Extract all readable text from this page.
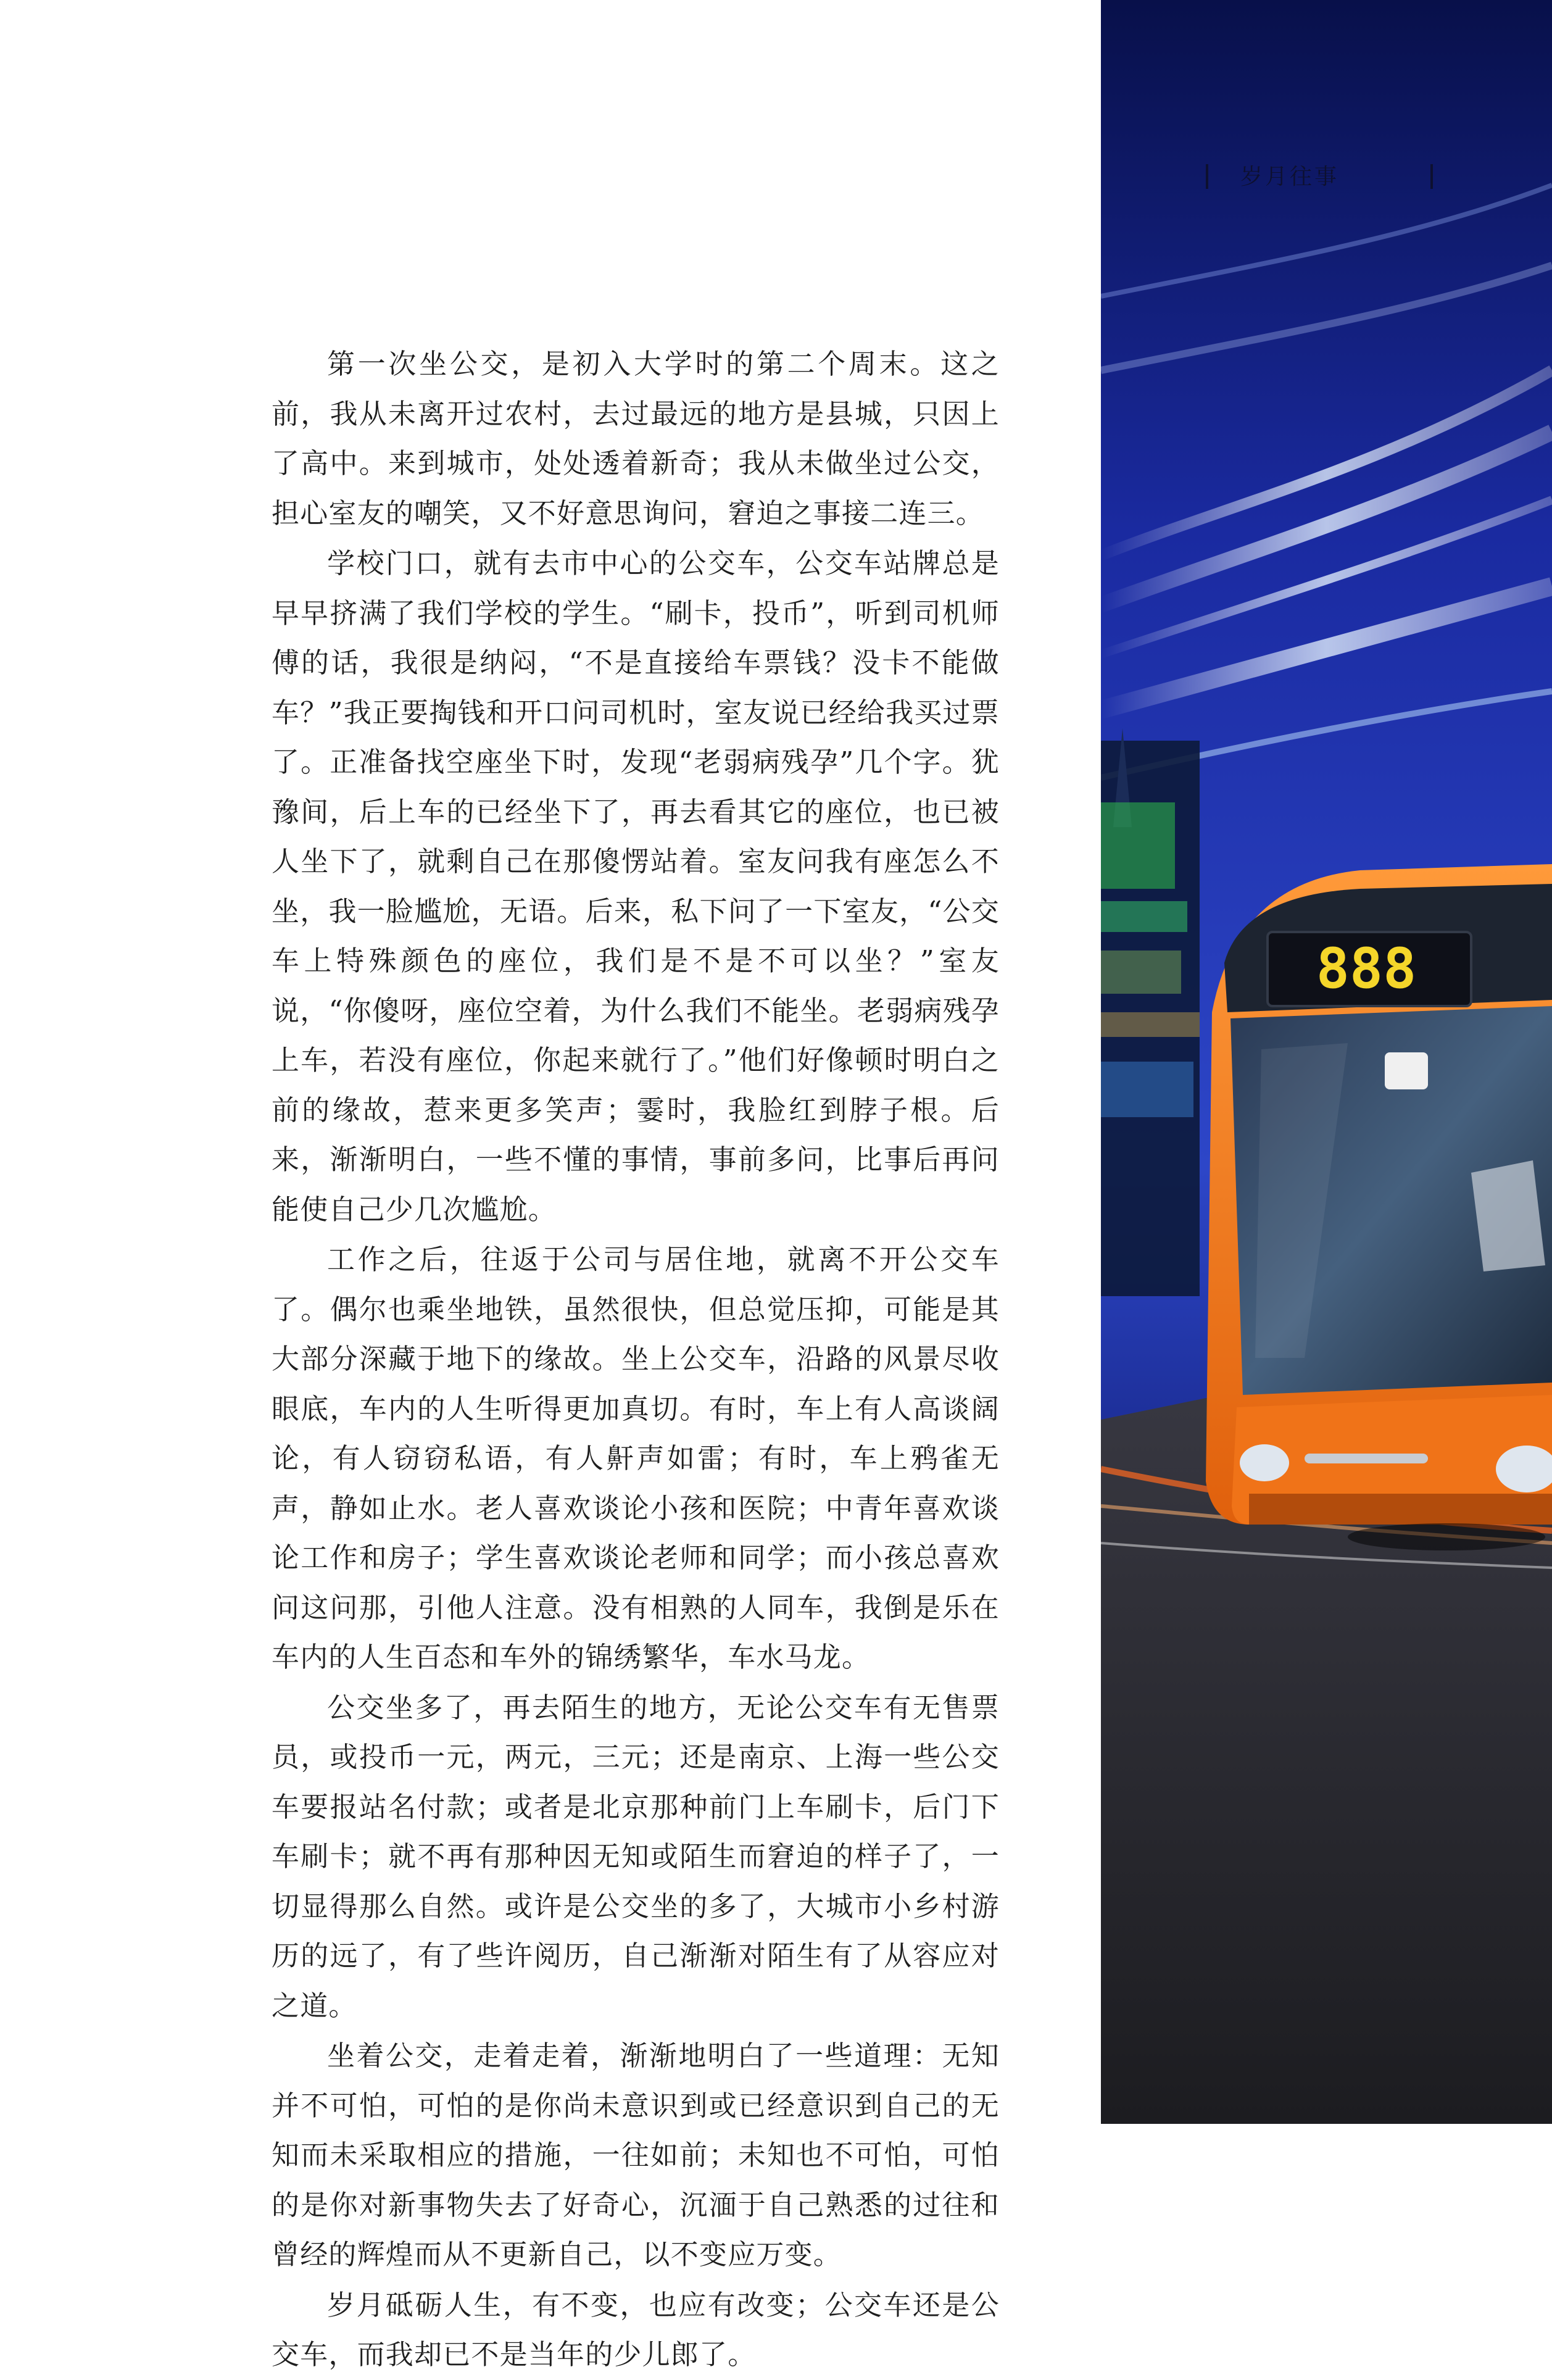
第一次坐公交，是初入大学时的第二个周末。这之前，我从未离开过农村，去过最远的地方是县城，只因上了高中。来到城市，处处透着新奇；我从未做坐过公交，担心室友的嘲笑，又不好意思询问，窘迫之事接二连三。

学校门口，就有去市中心的公交车，公交车站牌总是早早挤满了我们学校的学生。“刷卡，投币”，听到司机师傅的话，我很是纳闷，“不是直接给车票钱？没卡不能做车？”我正要掏钱和开口问司机时，室友说已经给我买过票了。正准备找空座坐下时，发现“老弱病残孕”几个字。犹豫间，后上车的已经坐下了，再去看其它的座位，也已被人坐下了，就剩自己在那傻愣站着。室友问我有座怎么不坐，我一脸尴尬，无语。后来，私下问了一下室友，“公交车上特殊颜色的座位，我们是不是不可以坐？”室友说，“你傻呀，座位空着，为什么我们不能坐。老弱病残孕上车，若没有座位，你起来就行了。”他们好像顿时明白之前的缘故，惹来更多笑声；霎时，我脸红到脖子根。后来，渐渐明白，一些不懂的事情，事前多问，比事后再问能使自己少几次尴尬。

工作之后，往返于公司与居住地，就离不开公交车了。偶尔也乘坐地铁，虽然很快，但总觉压抑，可能是其大部分深藏于地下的缘故。坐上公交车，沿路的风景尽收眼底，车内的人生听得更加真切。有时，车上有人高谈阔论，有人窃窃私语，有人鼾声如雷；有时，车上鸦雀无声，静如止水。老人喜欢谈论小孩和医院；中青年喜欢谈论工作和房子；学生喜欢谈论老师和同学；而小孩总喜欢问这问那，引他人注意。没有相熟的人同车，我倒是乐在车内的人生百态和车外的锦绣繁华，车水马龙。

公交坐多了，再去陌生的地方，无论公交车有无售票员，或投币一元，两元，三元；还是南京、上海一些公交车要报站名付款；或者是北京那种前门上车刷卡，后门下车刷卡；就不再有那种因无知或陌生而窘迫的样子了，一切显得那么自然。或许是公交坐的多了，大城市小乡村游历的远了，有了些许阅历，自己渐渐对陌生有了从容应对之道。

坐着公交，走着走着，渐渐地明白了一些道理：无知并不可怕，可怕的是你尚未意识到或已经意识到自己的无知而未采取相应的措施，一往如前；未知也不可怕，可怕的是你对新事物失去了好奇心，沉湎于自己熟悉的过往和曾经的辉煌而从不更新自己，以不变应万变。

岁月砥砺人生，有不变，也应有改变；公交车还是公交车，而我却已不是当年的少儿郎了。

888
岁月往事
